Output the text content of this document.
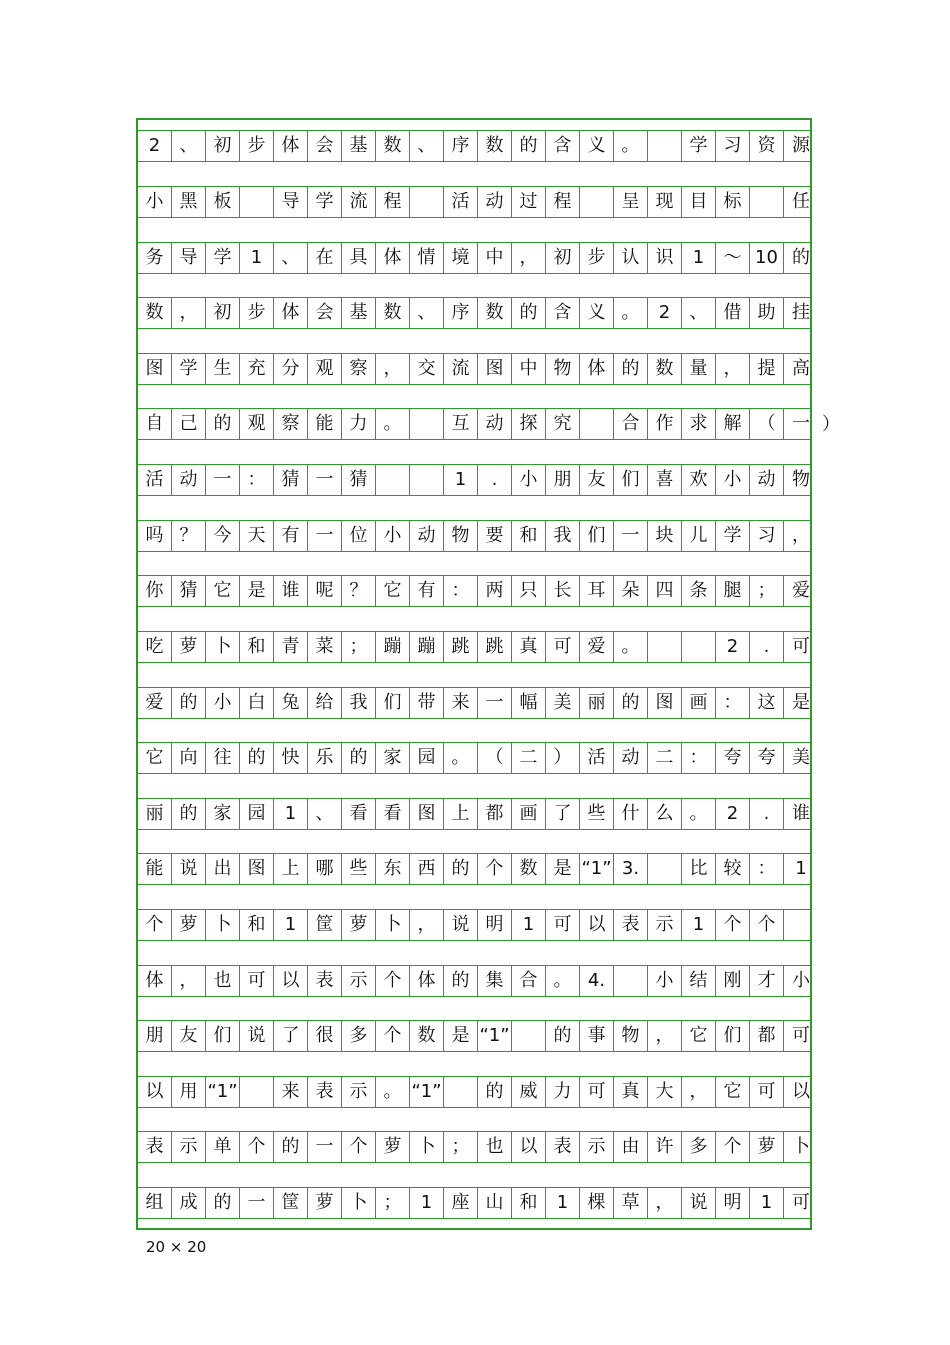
2	、 初 步 体 会 基 数 、 序 数 的 含 义 。	学 习 资 源
小 黑 板	导 学 流 程	活 动 过 程	呈 现 目 标	任
务 导 学	1	、 在 具 体 情 境 中 ， 初 步 认 识	1	～ 10 的
数 ， 初 步 体 会 基 数 、 序 数 的 含 义 。	2	、 借 助 挂
图 学 生 充 分 观 察 ， 交 流 图 中 物 体 的 数 量 ， 提 高
自 己 的 观 察 能 力 。	互 动 探 究	合 作 求 解 （ 一
活 动 一 ： 猜 一 猜	1	.	小 朋 友 们 喜 欢 小 动 物
吗 ？ 今 天 有 一 位 小 动 物 要 和 我 们 一 块 儿 学 习 ，
你 猜 它 是 谁 呢 ？ 它 有 ： 两 只 长 耳 朵 四 条 腿 ； 爱
吃 萝 卜 和 青 菜 ； 蹦 蹦 跳 跳 真 可 爱 。	2	.	可
爱 的 小 白 兔 给 我 们 带 来 一 幅 美 丽 的 图 画 ： 这 是
它 向 往 的 快 乐 的 家 园 。 （ 二 ） 活 动 二 ： 夸 夸 美
丽 的 家 园	1	、 看 看 图 上 都 画 了 些 什 么 。	2	.	谁
能 说 出 图 上 哪 些 东 西 的 个 数 是 “1” 3.	比 较 ：	1
个 萝 卜 和	1	筐 萝 卜 ， 说 明	1	可 以 表 示	1	个 个
体 ， 也 可 以 表 示 个 体 的 集 合 。 4.	小 结 刚 才 小
朋 友 们 说 了 很 多 个 数 是 “1”	的 事 物 ， 它 们 都 可
以 用 “1”	来 表 示 。 “1”	的 威 力 可 真 大 ， 它 可 以
表 示 单 个 的 一 个 萝 卜 ； 也 以 表 示 由 许 多 个 萝 卜
组 成 的 一 筐 萝 卜 ；	1	座 山 和	1	棵 草 ， 说 明	1	可
）
20 × 20
